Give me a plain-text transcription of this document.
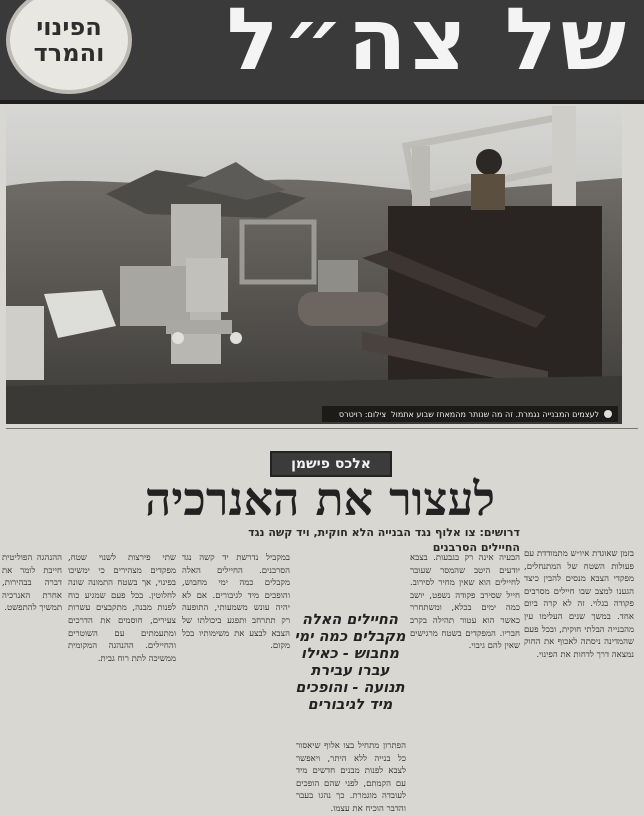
של צה״ל
הפינוי
והמרד
לעצמים המבנייה נגמרת. זה מה שנותר מהמאחז שבוע אתמול
צילום: רויטרס
אלכס פישמן
לעצור את האנרכיה
דרושים: צו אלוף נגד הבנייה הלא חוקית, ויד קשה נגד החיילים הסרבנים בזמן שאוגדת איו״ש מתמודדת עם פעולות השטח של המתנחלים, מפקדי הצבא מנסים להבין כיצד הגענו למצב שבו חיילים מסרבים פקודה בגלוי. זה לא קרה ביום אחד. במשך שנים העלימו עין מהבנייה הבלתי חוקית, ובכל פעם שהמדינה ניסתה לאכוף את החוק נמצאה דרך לדחות את הפינוי.

הבעיה אינה רק בגבעות. בצבא יודעים היטב שהמסר שעובר לחיילים הוא שאין מחיר לסירוב. חייל שסירב פקודה נשפט, יושב כמה ימים בכלא, ומשתחרר כאשר הוא עטור תהילה בקרב חבריו. המפקדים בשטח מרגישים שאין להם גיבוי.

החיילים האלה מקבלים כמה ימי מחבוש - כאילו עברו עבירת תנועה - והופכים מיד לגיבורים

הפתרון מתחיל בצו אלוף שיאסור כל בנייה ללא היתר, ויאפשר לצבא לפנות מבנים חדשים מיד עם הקמתם, לפני שהם הופכים לעובדה מוגמרת. כך נהגו בעבר והדבר הוכיח את עצמו.

במקביל נדרשת יד קשה נגד הסרבנים. החיילים האלה מקבלים כמה ימי מחבוש, והופכים מיד לגיבורים. אם לא יהיה עונש משמעותי, התופעה רק תתרחב ותפגע ביכולתו של הצבא לבצע את משימותיו בכל מקום.

שתי פירצות לשנוי שטח, מפקדים מצהירים כי ימשיכו בפינוי, אך בשטח התמונה שונה לחלוטין. בכל פעם שמגיע כוח לפנות מבנה, מתקבצים עשרות צעירים, חוסמים את הדרכים ומתעמתים עם השוטרים והחיילים. ההנהגה המקומית ממשיכה לתת רוח גבית.

ההנהגה הפוליטית חייבת לומר את דברה בבהירות, אחרת האנרכיה תמשיך להתפשט.
